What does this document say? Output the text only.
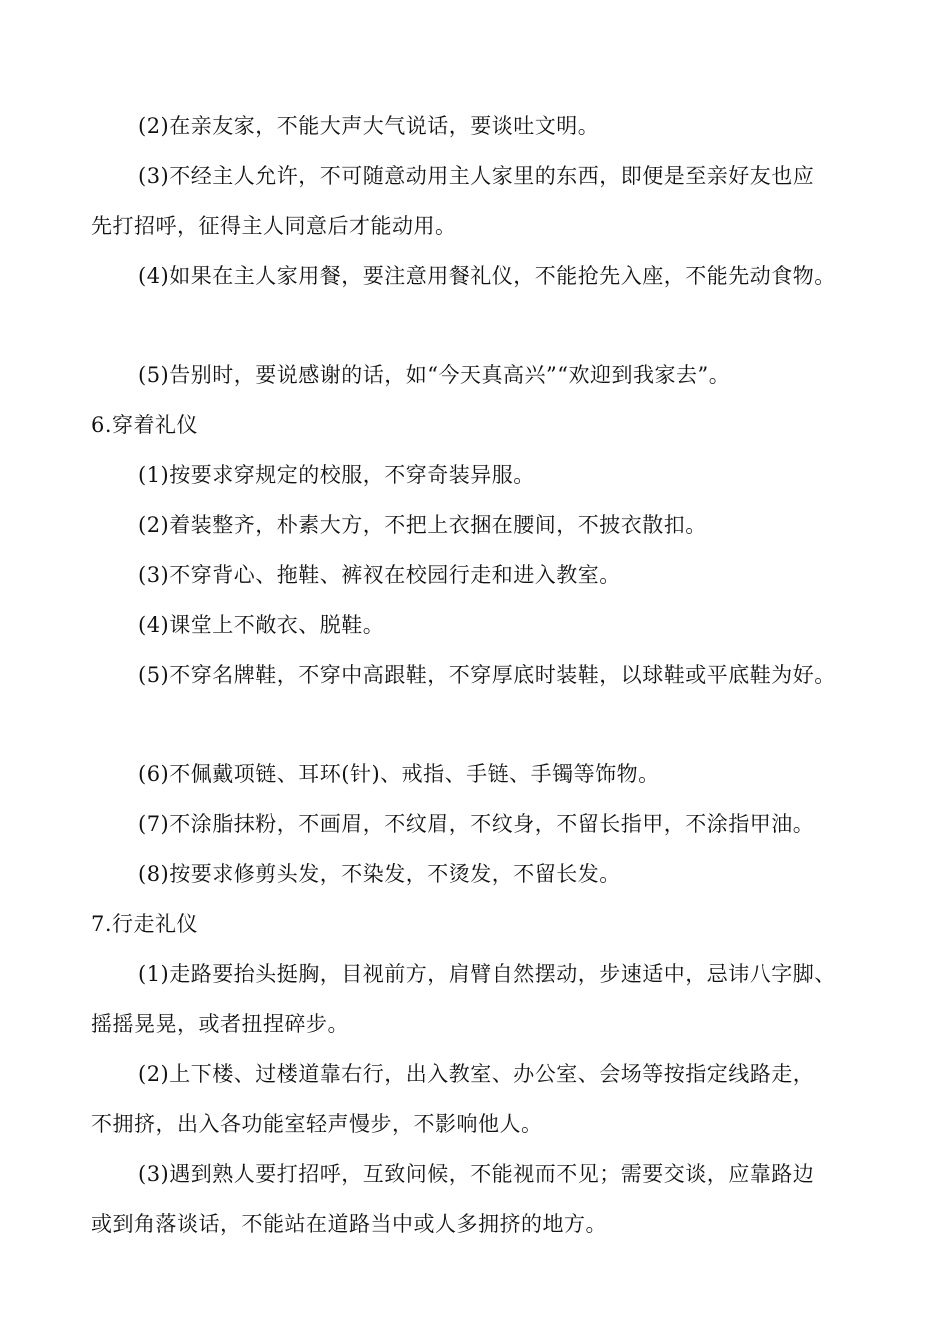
(2)在亲友家，不能大声大气说话，要谈吐文明。
(3)不经主人允许，不可随意动用主人家里的东西，即便是至亲好友也应
先打招呼，征得主人同意后才能动用。
(4)如果在主人家用餐，要注意用餐礼仪，不能抢先入座，不能先动食物。
(5)告别时，要说感谢的话，如“今天真高兴”“欢迎到我家去”。
6.穿着礼仪
(1)按要求穿规定的校服，不穿奇装异服。
(2)着装整齐，朴素大方，不把上衣捆在腰间，不披衣散扣。
(3)不穿背心、拖鞋、裤衩在校园行走和进入教室。
(4)课堂上不敞衣、脱鞋。
(5)不穿名牌鞋，不穿中高跟鞋，不穿厚底时装鞋，以球鞋或平底鞋为好。
(6)不佩戴项链、耳环(针)、戒指、手链、手镯等饰物。
(7)不涂脂抹粉，不画眉，不纹眉，不纹身，不留长指甲，不涂指甲油。
(8)按要求修剪头发，不染发，不烫发，不留长发。
7.行走礼仪
(1)走路要抬头挺胸，目视前方，肩臂自然摆动，步速适中，忌讳八字脚、
摇摇晃晃，或者扭捏碎步。
(2)上下楼、过楼道靠右行，出入教室、办公室、会场等按指定线路走，
不拥挤，出入各功能室轻声慢步，不影响他人。
(3)遇到熟人要打招呼，互致问候，不能视而不见；需要交谈，应靠路边
或到角落谈话，不能站在道路当中或人多拥挤的地方。
